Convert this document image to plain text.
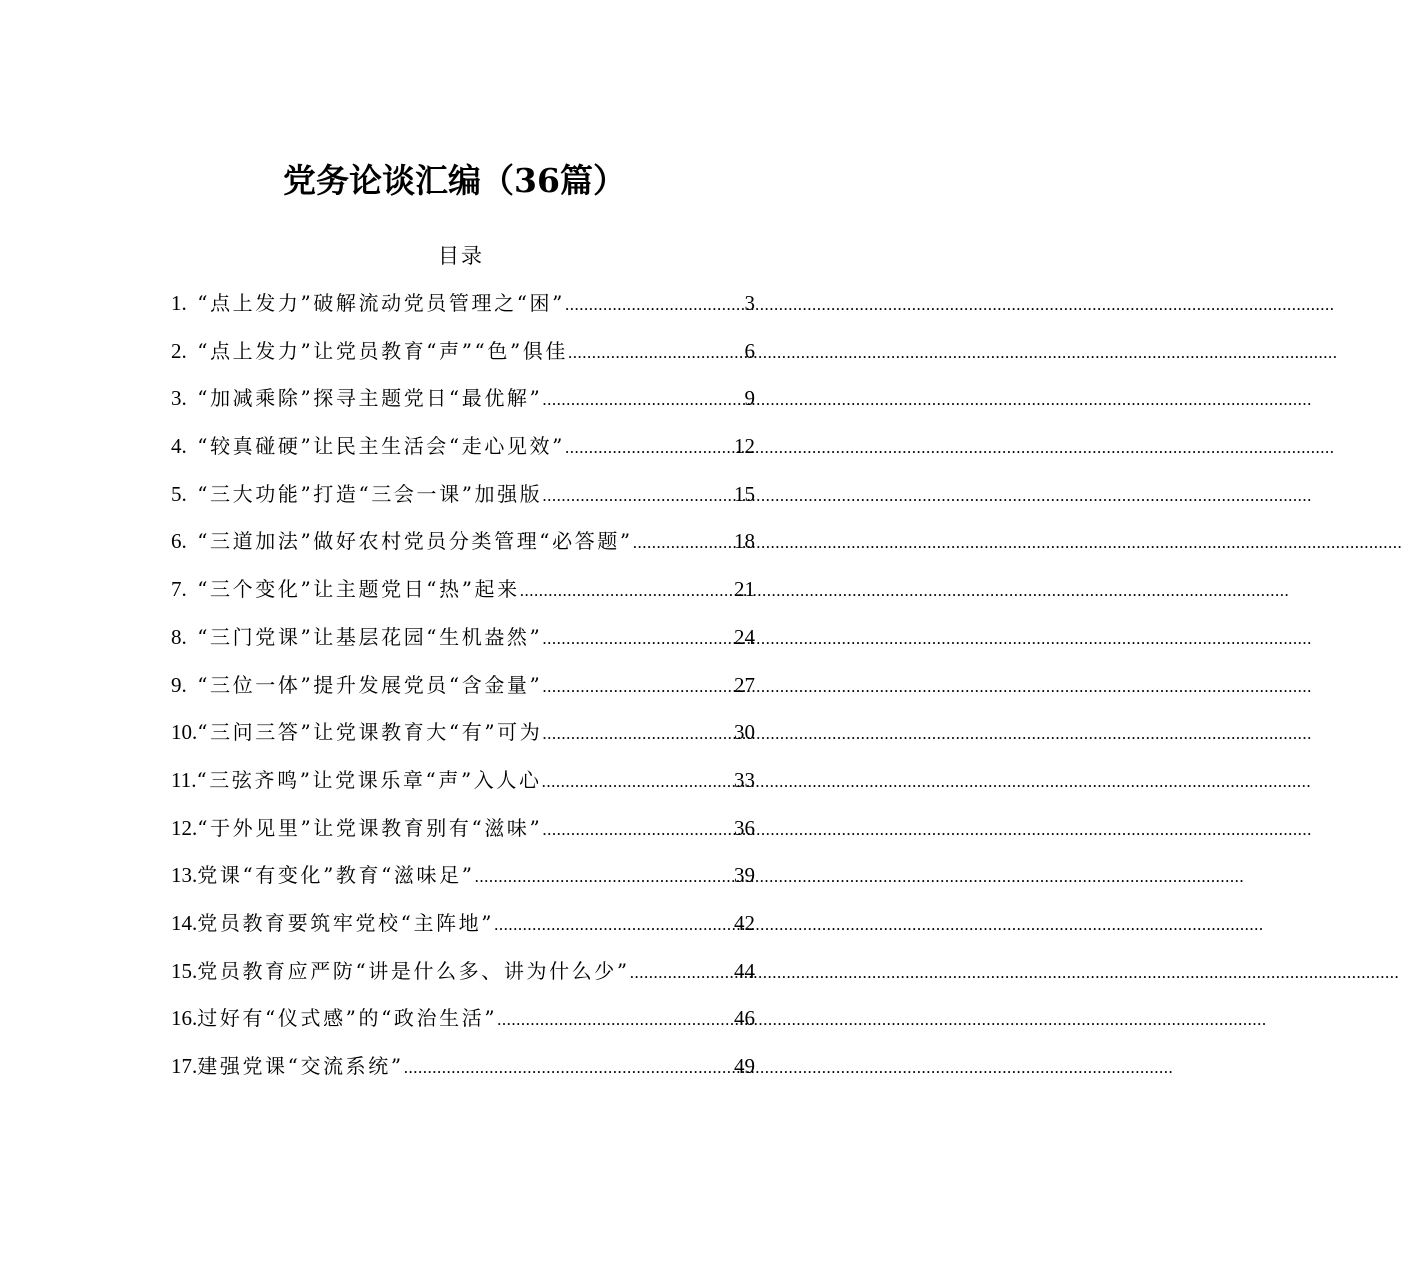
党务论谈汇编（36篇）
目录
1. “点上发力”破解流动党员管理之“困” .....	3
2. “点上发力”让党员教育“声”“色”俱佳 .....	6
3. “加减乘除”探寻主题党日“最优解” .....	9
4. “较真碰硬”让民主生活会“走心见效” .....	12
5. “三大功能”打造“三会一课”加强版 .....	15
6. “三道加法”做好农村党员分类管理“必答题” .....	18
7. “三个变化”让主题党日“热”起来 .....	21
8. “三门党课”让基层花园“生机盎然” .....	24
9. “三位一体”提升发展党员“含金量” .....	27
10. “三问三答”让党课教育大“有”可为 .....	30
11. “三弦齐鸣”让党课乐章“声”入人心 .....	33
12. “于外见里”让党课教育别有“滋味” .....	36
13. 党课“有变化”教育“滋味足” .....	39
14. 党员教育要筑牢党校“主阵地” .....	42
15. 党员教育应严防“讲是什么多、讲为什么少” .....	44
16. 过好有“仪式感”的“政治生活” .....	46
17. 建强党课“交流系统” .....	49
